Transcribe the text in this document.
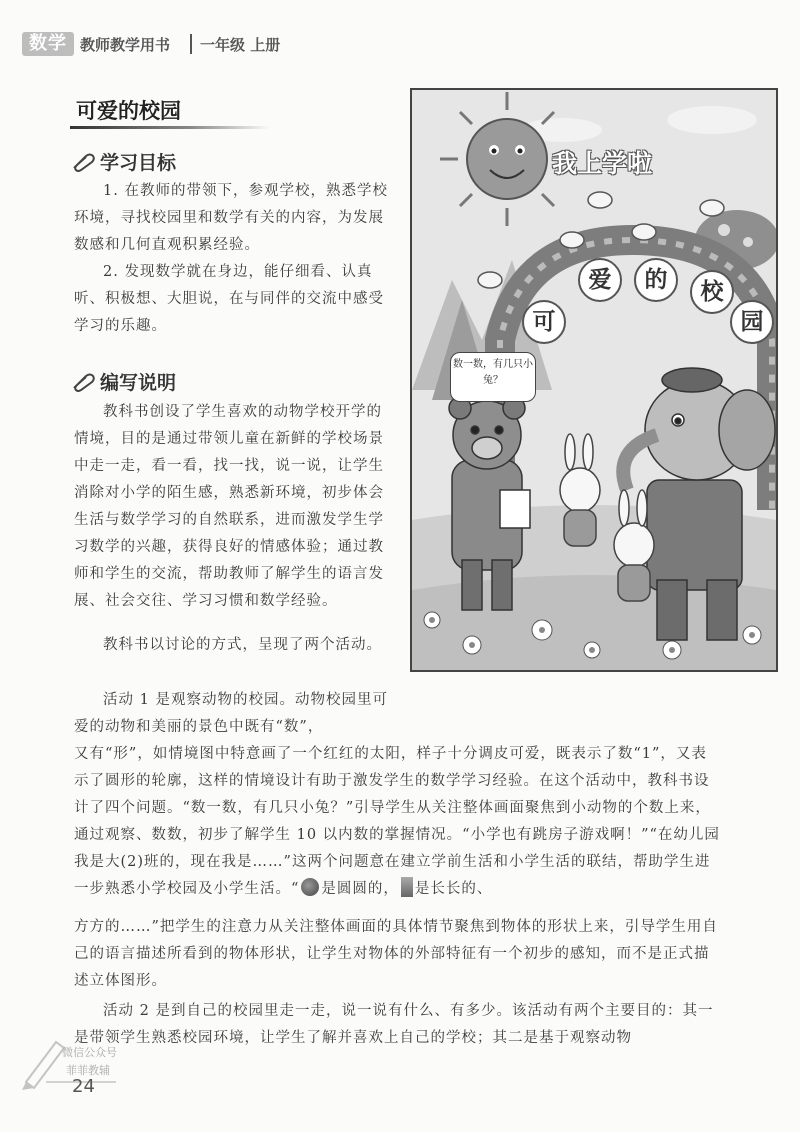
数学 教师教学用书 一年级 上册
可爱的校园
学习目标
1. 在教师的带领下，参观学校，熟悉学校环境，寻找校园里和数学有关的内容，为发展数感和几何直观积累经验。
2. 发现数学就在身边，能仔细看、认真听、积极想、大胆说，在与同伴的交流中感受学习的乐趣。
编写说明
教科书创设了学生喜欢的动物学校开学的情境，目的是通过带领儿童在新鲜的学校场景中走一走，看一看，找一找，说一说，让学生消除对小学的陌生感，熟悉新环境，初步体会生活与数学学习的自然联系，进而激发学生学习数学的兴趣，获得良好的情感体验；通过教师和学生的交流，帮助教师了解学生的语言发展、社会交往、学习习惯和数学经验。
教科书以讨论的方式，呈现了两个活动。
活动 1 是观察动物的校园。动物校园里可爱的动物和美丽的景色中既有“数”，
又有“形”，如情境图中特意画了一个红红的太阳，样子十分调皮可爱，既表示了数“1”，又表示了圆形的轮廓，这样的情境设计有助于激发学生的数学学习经验。在这个活动中，教科书设计了四个问题。“数一数，有几只小兔？”引导学生从关注整体画面聚焦到小动物的个数上来，通过观察、数数，初步了解学生 10 以内数的掌握情况。“小学也有跳房子游戏啊！”“在幼儿园我是大(2)班的，现在我是……”这两个问题意在建立学前生活和小学生活的联结，帮助学生进一步熟悉小学校园及小学生活。“ 是圆圆的， 是长长的、
方方的……”把学生的注意力从关注整体画面的具体情节聚焦到物体的形状上来，引导学生用自己的语言描述所看到的物体形状，让学生对物体的外部特征有一个初步的感知，而不是正式描述立体图形。
活动 2 是到自己的校园里走一走，说一说有什么、有多少。该活动有两个主要目的：其一是带领学生熟悉校园环境，让学生了解并喜欢上自己的学校；其二是基于观察动物
我上学啦
可
爱	的	校
园
数一数，有几只小兔？
微信公众号
菲菲教辅
24
